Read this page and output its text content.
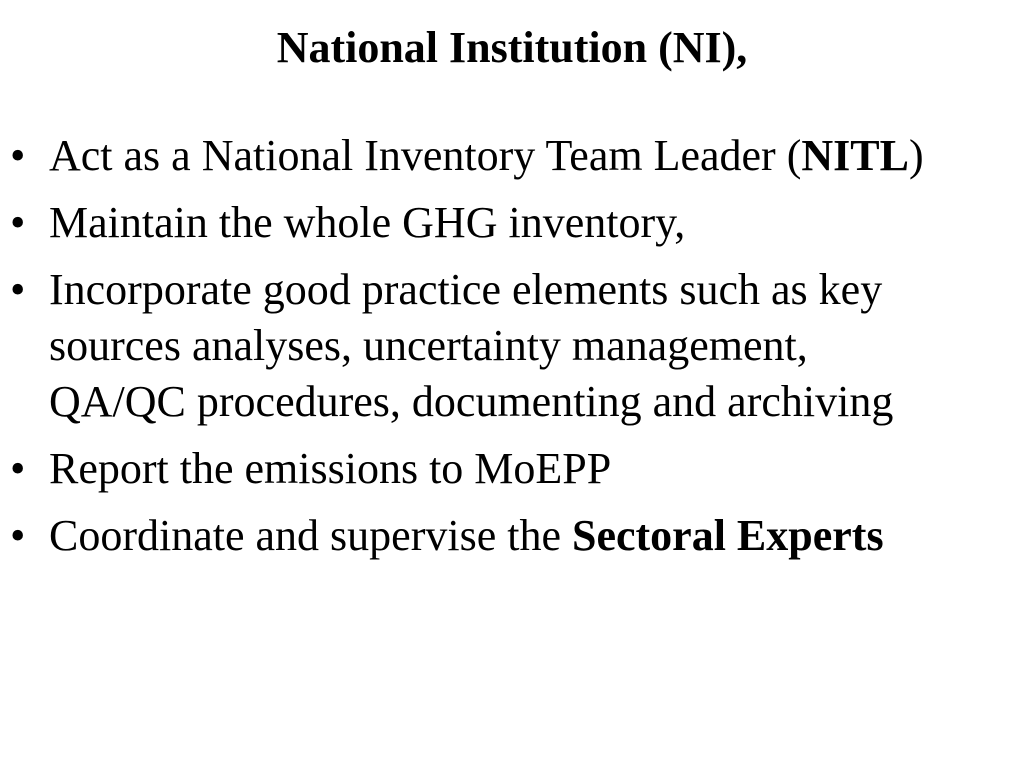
National Institution (NI),
• Act as a National Inventory Team Leader (NITL)
• Maintain the whole GHG inventory,
• Incorporate good practice elements such as key sources analyses, uncertainty management, QA/QC procedures, documenting and archiving
• Report the emissions to MoEPP
• Coordinate and supervise the Sectoral Experts
